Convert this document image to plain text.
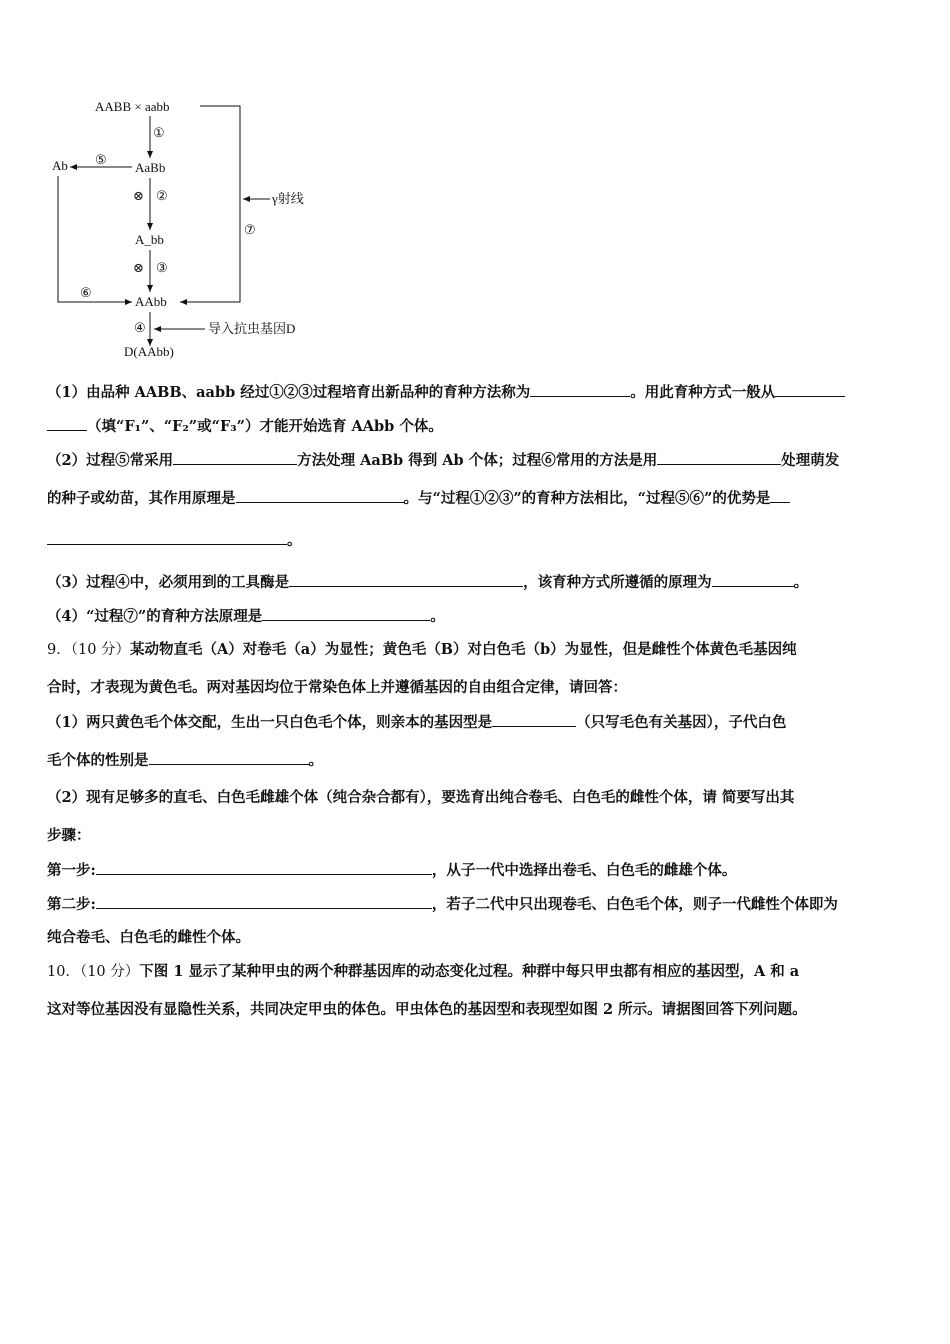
AABB × aabb
AaBb
Ab
A_bb
AAbb
D(AAbb)
①
⊗ ②
⊗ ③
④
⑤
⑥
⑦
γ射线
导入抗虫基因D
（1）由品种 AABB、aabb 经过①②③过程培育出新品种的育种方法称为	。用此育种方式一般从
（填“F₁”、“F₂”或“F₃”）才能开始选育 AAbb 个体。
（2）过程⑤常采用	方法处理 AaBb 得到 Ab 个体；过程⑥常用的方法是用	处理萌发
的种子或幼苗，其作用原理是	。与“过程①②③”的育种方法相比，“过程⑤⑥”的优势是
。
（3）过程④中，必须用到的工具酶是	，该育种方式所遵循的原理为	。
（4）“过程⑦”的育种方法原理是	。
9．（10 分）某动物直毛（A）对卷毛（a）为显性；黄色毛（B）对白色毛（b）为显性，但是雌性个体黄色毛基因纯
合时，才表现为黄色毛。两对基因均位于常染色体上并遵循基因的自由组合定律，请回答：
（1）两只黄色毛个体交配，生出一只白色毛个体，则亲本的基因型是	（只写毛色有关基因），子代白色
毛个体的性别是	。
（2）现有足够多的直毛、白色毛雌雄个体（纯合杂合都有），要选育出纯合卷毛、白色毛的雌性个体，请 简要写出其
步骤：
第一步:	，从子一代中选择出卷毛、白色毛的雌雄个体。
第二步:	，若子二代中只出现卷毛、白色毛个体，则子一代雌性个体即为
纯合卷毛、白色毛的雌性个体。
10．（10 分）下图 1 显示了某种甲虫的两个种群基因库的动态变化过程。种群中每只甲虫都有相应的基因型，A 和 a
这对等位基因没有显隐性关系，共同决定甲虫的体色。甲虫体色的基因型和表现型如图 2 所示。请据图回答下列问题。
